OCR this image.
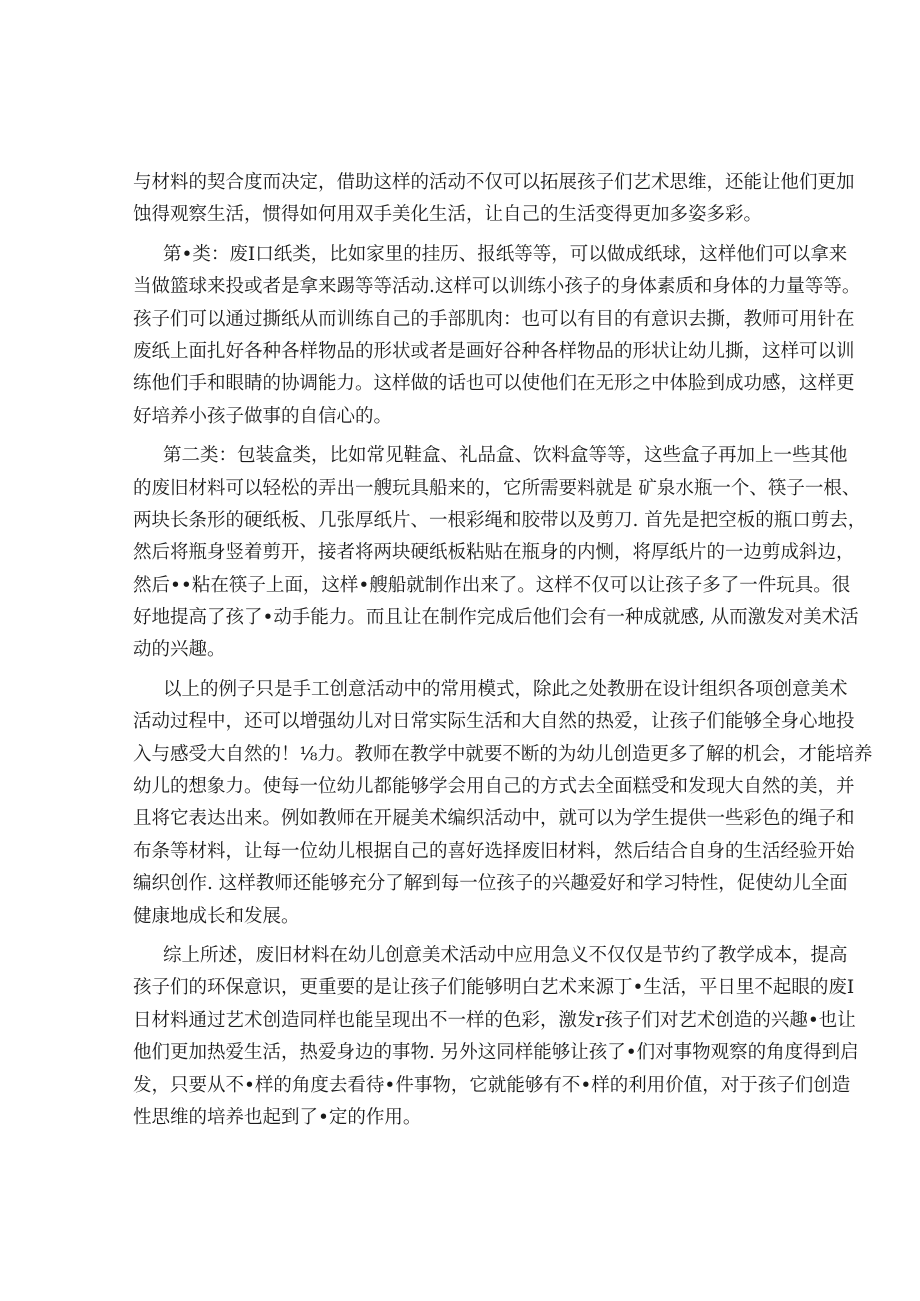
与材料的契合度而决定，借助这样的活动不仅可以拓展孩子们艺术思维，还能让他们更加
蚀得观察生活，惯得如何用双手美化生活，让自己的生活变得更加多姿多彩。
第•类：废Ⅰ口纸类，比如家里的挂历、报纸等等，可以做成纸球，这样他们可以拿来
当做篮球来投或者是拿来踢等等活动.这样可以训练小孩子的身体素质和身体的力量等等。
孩子们可以通过撕纸从而训练自己的手部肌肉：也可以有目的有意识去撕，教师可用针在
废纸上面扎好各种各样物品的形状或者是画好谷种各样物品的形状让幼儿撕，这样可以训
练他们手和眼睛的协调能力。这样做的话也可以使他们在无形之中体脸到成功感，这样更
好培养小孩子做事的自信心的。
第二类：包装盒类，比如常见鞋盒、礼品盒、饮料盒等等，这些盒子再加上一些其他
的废旧材料可以轻松的弄出一艘玩具船来的，它所需要料就是 矿泉水瓶一个、筷子一根、
两块长条形的硬纸板、几张厚纸片、一根彩绳和胶带以及剪刀. 首先是把空板的瓶口剪去，
然后将瓶身竖着剪开，接者将两块硬纸板粘贴在瓶身的内恻，将厚纸片的一边剪成斜边，
然后••粘在筷子上面，这样•艘船就制作出来了。这样不仅可以让孩子多了一件玩具。很
好地提高了孩了•动手能力。而且让在制作完成后他们会有一种成就感, 从而激发对美术活
动的兴趣。
以上的例子只是手工创意活动中的常用模式，除此之处教册在设计组织各项创意美术
活动过程中，还可以增强幼儿对日常实际生活和大自然的热爱，让孩子们能够全身心地投
入与感受大自然的！⅛力。教师在教学中就要不断的为幼儿创造更多了解的机会，才能培养
幼儿的想象力。使每一位幼儿都能够学会用自己的方式去全面糕受和发现大自然的美，并
且将它表达出来。例如教师在开屣美术编织活动中，就可以为学生提供一些彩色的绳子和
布条等材料，让每一位幼儿根据自己的喜好选择废旧材料，然后结合自身的生活经验开始
编织创作. 这样教师还能够充分了解到每一位孩子的兴趣爱好和学习特性，促使幼儿全面
健康地成长和发展。
综上所述，废旧材料在幼儿创意美术活动中应用急义不仅仅是节约了教学成本，提高
孩子们的环保意识，更重要的是让孩子们能够明白艺术来源丁•生活，平日里不起眼的废Ⅰ
日材料通过艺术创造同样也能呈现出不一样的色彩，激发r孩子们对艺术创造的兴趣•也让
他们更加热爱生活，热爱身边的事物. 另外这同样能够让孩了•们对事物观察的角度得到启
发，只要从不•样的角度去看待•件事物，它就能够有不•样的利用价值，对于孩子们创造
性思维的培养也起到了•定的作用。
